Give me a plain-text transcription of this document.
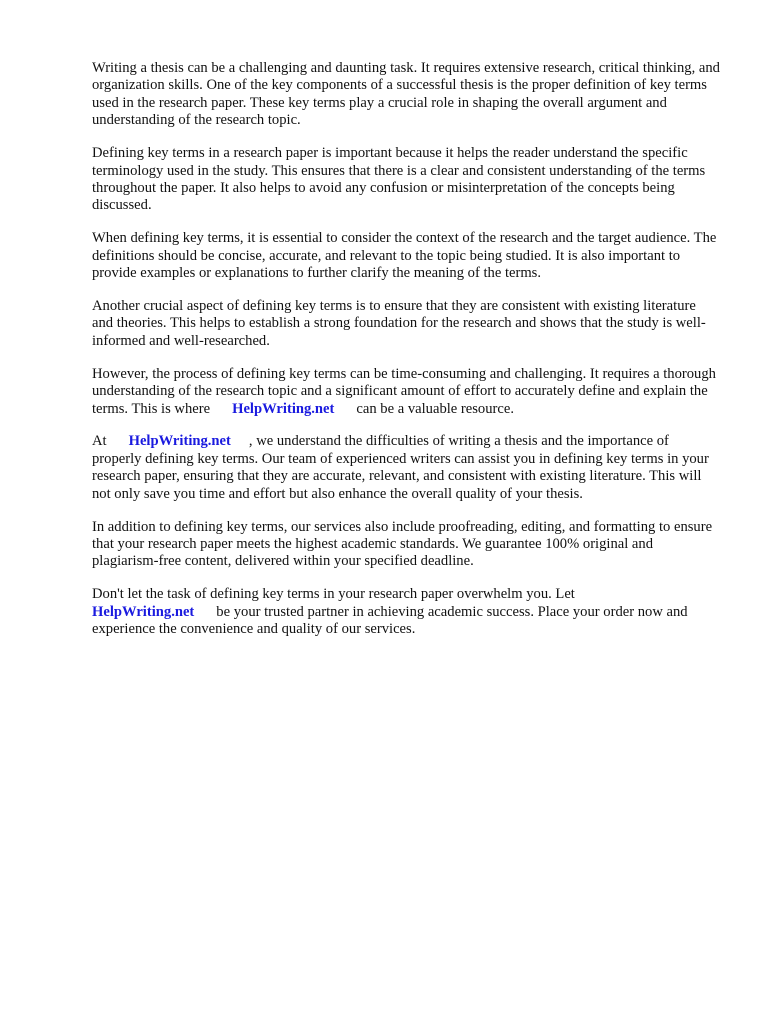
Writing a thesis can be a challenging and daunting task. It requires extensive research, critical thinking, and organization skills. One of the key components of a successful thesis is the proper definition of key terms used in the research paper. These key terms play a crucial role in shaping the overall argument and understanding of the research topic.

Defining key terms in a research paper is important because it helps the reader understand the specific terminology used in the study. This ensures that there is a clear and consistent understanding of the terms throughout the paper. It also helps to avoid any confusion or misinterpretation of the concepts being discussed.

When defining key terms, it is essential to consider the context of the research and the target audience. The definitions should be concise, accurate, and relevant to the topic being studied. It is also important to provide examples or explanations to further clarify the meaning of the terms.

Another crucial aspect of defining key terms is to ensure that they are consistent with existing literature and theories. This helps to establish a strong foundation for the research and shows that the study is well-informed and well-researched.

However, the process of defining key terms can be time-consuming and challenging. It requires a thorough understanding of the research topic and a significant amount of effort to accurately define and explain the terms. This is where HelpWriting.net can be a valuable resource.

At HelpWriting.net , we understand the difficulties of writing a thesis and the importance of properly defining key terms. Our team of experienced writers can assist you in defining key terms in your research paper, ensuring that they are accurate, relevant, and consistent with existing literature. This will not only save you time and effort but also enhance the overall quality of your thesis.

In addition to defining key terms, our services also include proofreading, editing, and formatting to ensure that your research paper meets the highest academic standards. We guarantee 100% original and plagiarism-free content, delivered within your specified deadline.

Don't let the task of defining key terms in your research paper overwhelm you. Let
HelpWriting.net be your trusted partner in achieving academic success. Place your order now and experience the convenience and quality of our services.
